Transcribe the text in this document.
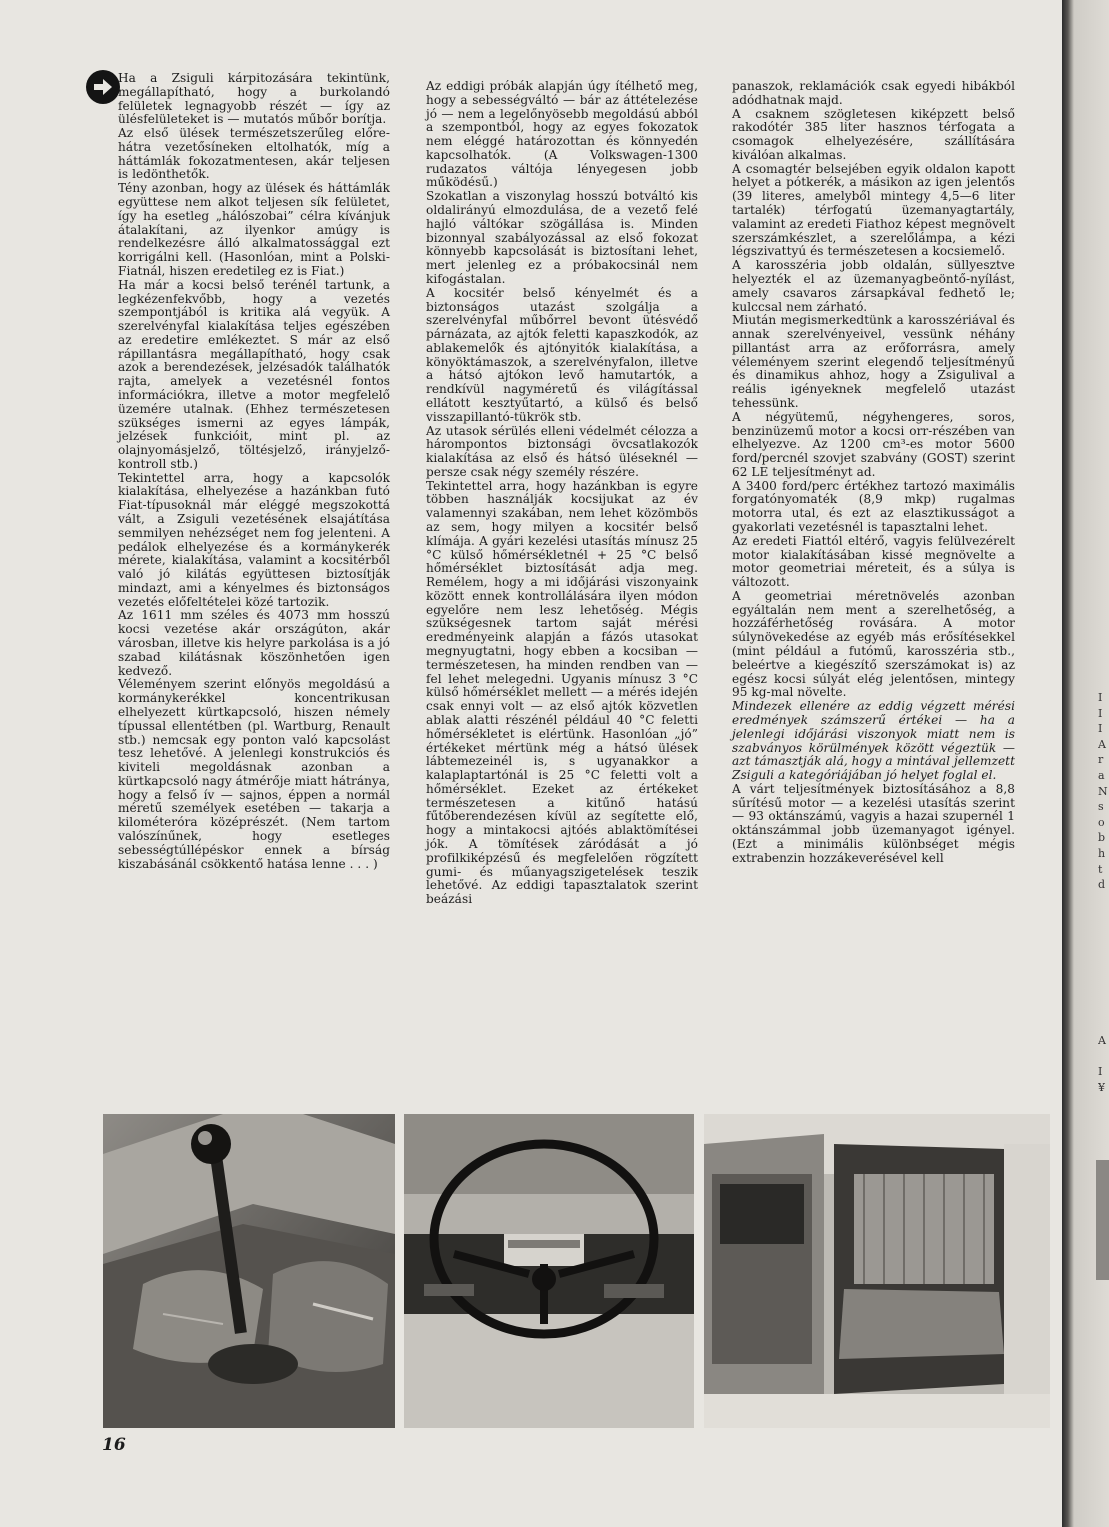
I
I
I
A
r
a
N
s
o
b
h
t
d
A
I
¥

Ha a Zsiguli kárpitozására tekintünk, megállapítható, hogy a burkolandó felületek legnagyobb részét — így az ülésfelületeket is — mutatós műbőr borítja.

Az első ülések természetszerűleg előre-hátra vezetősíneken eltolhatók, míg a háttámlák fokozatmentesen, akár teljesen is ledönthetők.

Tény azonban, hogy az ülések és háttámlák együttese nem alkot teljesen sík felületet, így ha esetleg „hálószobai” célra kívánjuk átalakítani, az ilyenkor amúgy is rendelkezésre álló alkalmatossággal ezt korrigálni kell. (Hasonlóan, mint a Polski-Fiatnál, hiszen eredetileg ez is Fiat.)

Ha már a kocsi belső terénél tartunk, a legkézenfekvőbb, hogy a vezetés szempontjából is kritika alá vegyük. A szerelvényfal kialakítása teljes egészében az eredetire emlékeztet. S már az első rápillantásra megállapítható, hogy csak azok a berendezések, jelzésadók találhatók rajta, amelyek a vezetésnél fontos információkra, illetve a motor megfelelő üzemére utalnak. (Ehhez természetesen szükséges ismerni az egyes lámpák, jelzések funkcióit, mint pl. az olajnyomásjelző, töltésjelző, irányjelző-kontroll stb.)

Tekintettel arra, hogy a kapcsolók kialakítása, elhelyezése a hazánkban futó Fiat-típusoknál már eléggé megszokottá vált, a Zsiguli vezetésének elsajátítása semmilyen nehézséget nem fog jelenteni. A pedálok elhelyezése és a kormánykerék mérete, kialakítása, valamint a kocsitérből való jó kilátás együttesen biztosítják mindazt, ami a kényelmes és biztonságos vezetés előfeltételei közé tartozik.

Az 1611 mm széles és 4073 mm hosszú kocsi vezetése akár országúton, akár városban, illetve kis helyre parkolása is a jó szabad kilátásnak köszönhetően igen kedvező.

Véleményem szerint előnyös megoldású a kormánykerékkel koncentrikusan elhelyezett kürtkapcsoló, hiszen némely típussal ellentétben (pl. Wartburg, Renault stb.) nemcsak egy ponton való kapcsolást tesz lehetővé. A jelenlegi konstrukciós és kiviteli megoldásnak azonban a kürtkapcsoló nagy átmérője miatt hátránya, hogy a felső ív — sajnos, éppen a normál méretű személyek esetében — takarja a kilométeróra középrészét. (Nem tartom valószínűnek, hogy esetleges sebességtúllépéskor ennek a bírság kiszabásánál csökkentő hatása lenne . . . )

Az eddigi próbák alapján úgy ítélhető meg, hogy a sebességváltó — bár az áttételezése jó — nem a legelőnyösebb megoldású abból a szempontból, hogy az egyes fokozatok nem eléggé határozottan és könnyedén kapcsolhatók. (A Volkswagen-1300 rudazatos váltója lényegesen jobb működésű.)

Szokatlan a viszonylag hosszú botváltó kis oldalirányú elmozdulása, de a vezető felé hajló váltókar szögállása is. Minden bizonnyal szabályozással az első fokozat könnyebb kapcsolását is biztosítani lehet, mert jelenleg ez a próbakocsinál nem kifogástalan.

A kocsitér belső kényelmét és a biztonságos utazást szolgálja a szerelvényfal műbőrrel bevont ütésvédő párnázata, az ajtók feletti kapaszkodók, az ablakemelők és ajtónyitók kialakítása, a könyöktámaszok, a szerelvényfalon, illetve a hátsó ajtókon levő hamutartók, a rendkívül nagyméretű és világítással ellátott kesztyűtartó, a külső és belső visszapillantó-tükrök stb.

Az utasok sérülés elleni védelmét célozza a hárompontos biztonsági övcsatlakozók kialakítása az első és hátsó üléseknél — persze csak négy személy részére.

Tekintettel arra, hogy hazánkban is egyre többen használják kocsijukat az év valamennyi szakában, nem lehet közömbös az sem, hogy milyen a kocsitér belső klímája. A gyári kezelési utasítás mínusz 25 °C külső hőmérsékletnél + 25 °C belső hőmérséklet biztosítását adja meg. Remélem, hogy a mi időjárási viszonyaink között ennek kontrollálására ilyen módon egyelőre nem lesz lehetőség. Mégis szükségesnek tartom saját mérési eredményeink alapján a fázós utasokat megnyugtatni, hogy ebben a kocsiban — természetesen, ha minden rendben van — fel lehet melegedni. Ugyanis mínusz 3 °C külső hőmérséklet mellett — a mérés idején csak ennyi volt — az első ajtók közvetlen ablak alatti részénél például 40 °C feletti hőmérsékletet is elértünk. Hasonlóan „jó” értékeket mértünk még a hátsó ülések lábtemezeinél is, s ugyanakkor a kalaplaptartónál is 25 °C feletti volt a hőmérséklet. Ezeket az értékeket természetesen a kitűnő hatású fűtőberendezésen kívül az segítette elő, hogy a mintakocsi ajtóés ablaktömítései jók. A tömítések záródását a jó profilkiképzésű és megfelelően rögzített gumi- és műanyagszigetelések teszik lehetővé. Az eddigi tapasztalatok szerint beázási

panaszok, reklamációk csak egyedi hibákból adódhatnak majd.

A csaknem szögletesen kiképzett belső rakodótér 385 liter hasznos térfogata a csomagok elhelyezésére, szállítására kiválóan alkalmas.

A csomagtér belsejében egyik oldalon kapott helyet a pótkerék, a másikon az igen jelentős (39 literes, amelyből mintegy 4,5—6 liter tartalék) térfogatú üzemanyagtartály, valamint az eredeti Fiathoz képest megnövelt szerszámkészlet, a szerelőlámpa, a kézi légszivattyú és természetesen a kocsiemelő.

A karosszéria jobb oldalán, süllyesztve helyezték el az üzemanyagbeöntő-nyílást, amely csavaros zársapkával fedhető le; kulccsal nem zárható.

Miután megismerkedtünk a karosszériával és annak szerelvényeivel, vessünk néhány pillantást arra az erőforrásra, amely véleményem szerint elegendő teljesítményű és dinamikus ahhoz, hogy a Zsigulival a reális igényeknek megfelelő utazást tehessünk.

A négyütemű, négyhengeres, soros, benzinüzemű motor a kocsi orr-részében van elhelyezve. Az 1200 cm³-es motor 5600 ford/percnél szovjet szabvány (GOST) szerint 62 LE teljesítményt ad.

A 3400 ford/perc értékhez tartozó maximális forgatónyomaték (8,9 mkp) rugalmas motorra utal, és ezt az elasztikusságot a gyakorlati vezetésnél is tapasztalni lehet.

Az eredeti Fiattól eltérő, vagyis felülvezérelt motor kialakításában kissé megnövelte a motor geometriai méreteit, és a súlya is változott.

A geometriai méretnövelés azonban egyáltalán nem ment a szerelhetőség, a hozzáférhetőség rovására. A motor súlynövekedése az egyéb más erősítésekkel (mint például a futómű, karosszéria stb., beleértve a kiegészítő szerszámokat is) az egész kocsi súlyát elég jelentősen, mintegy 95 kg-mal növelte.

Mindezek ellenére az eddig végzett mérési eredmények számszerű értékei — ha a jelenlegi időjárási viszonyok miatt nem is szabványos körülmények között végeztük — azt támasztják alá, hogy a mintával jellemzett Zsiguli a kategóriájában jó helyet foglal el.

A várt teljesítmények biztosításához a 8,8 sűrítésű motor — a kezelési utasítás szerint — 93 oktánszámú, vagyis a hazai szupernél 1 oktánszámmal jobb üzemanyagot igényel. (Ezt a minimális különbséget mégis extrabenzin hozzákeverésével kell

16
